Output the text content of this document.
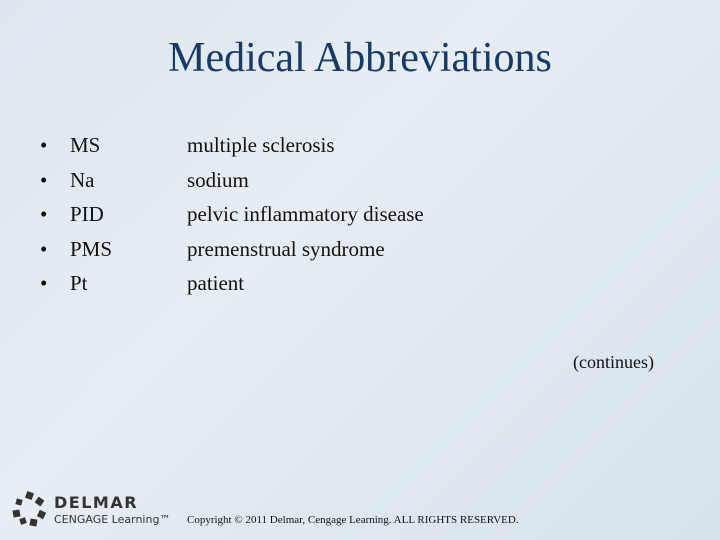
Medical Abbreviations
•	MS	multiple sclerosis
•	Na	sodium
•	PID	pelvic inflammatory disease
•	PMS	premenstrual syndrome
•	Pt	patient
(continues)
DELMAR
CENGAGE Learning™ Copyright © 2011 Delmar, Cengage Learning. ALL RIGHTS RESERVED.
